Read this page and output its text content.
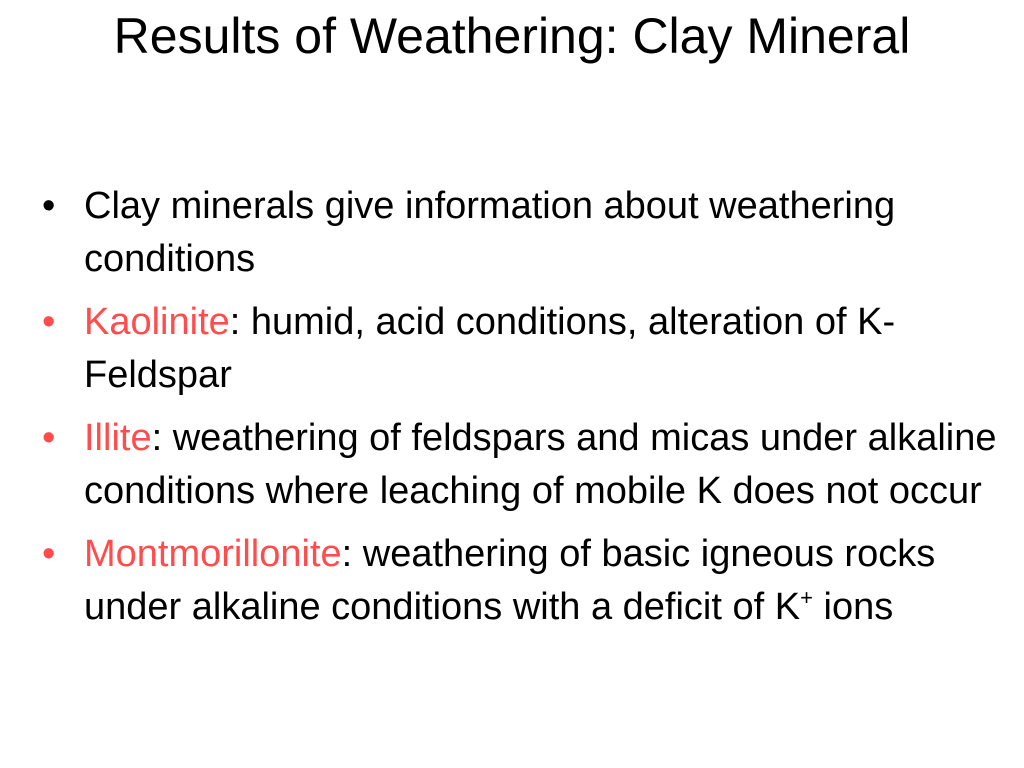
Results of Weathering: Clay Mineral
• Clay minerals give information about weathering conditions
• Kaolinite: humid, acid conditions, alteration of K-Feldspar
• Illite: weathering of feldspars and micas under alkaline conditions where leaching of mobile K does not occur
• Montmorillonite: weathering of basic igneous rocks under alkaline conditions with a deficit of K+ ions
